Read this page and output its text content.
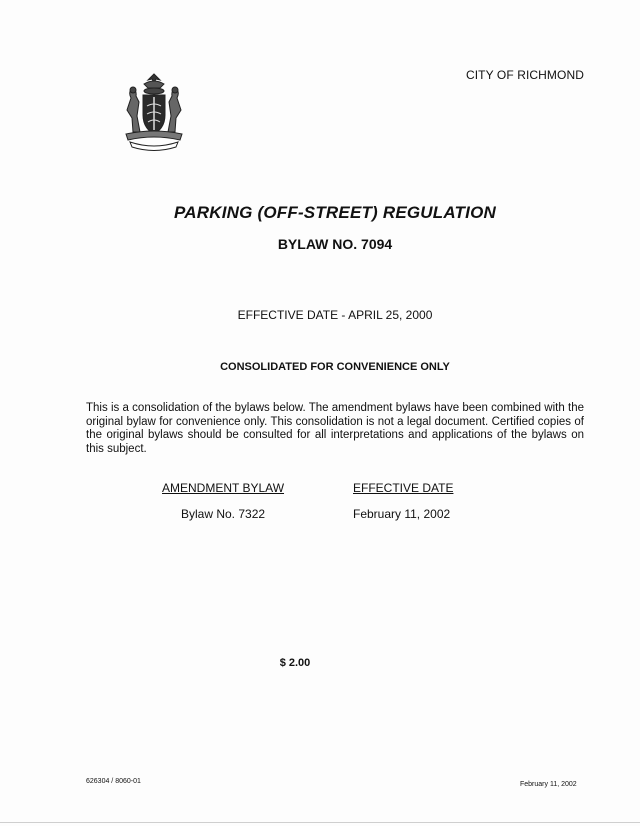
CITY OF RICHMOND
PARKING (OFF-STREET) REGULATION
BYLAW NO. 7094
EFFECTIVE DATE - APRIL 25, 2000
CONSOLIDATED FOR CONVENIENCE ONLY
This is a consolidation of the bylaws below. The amendment bylaws have been combined with the original bylaw for convenience only. This consolidation is not a legal document. Certified copies of the original bylaws should be consulted for all interpretations and applications of the bylaws on this subject.
AMENDMENT BYLAW	EFFECTIVE DATE
Bylaw No. 7322	February 11, 2002
$ 2.00
626304 / 8060-01	February 11, 2002
